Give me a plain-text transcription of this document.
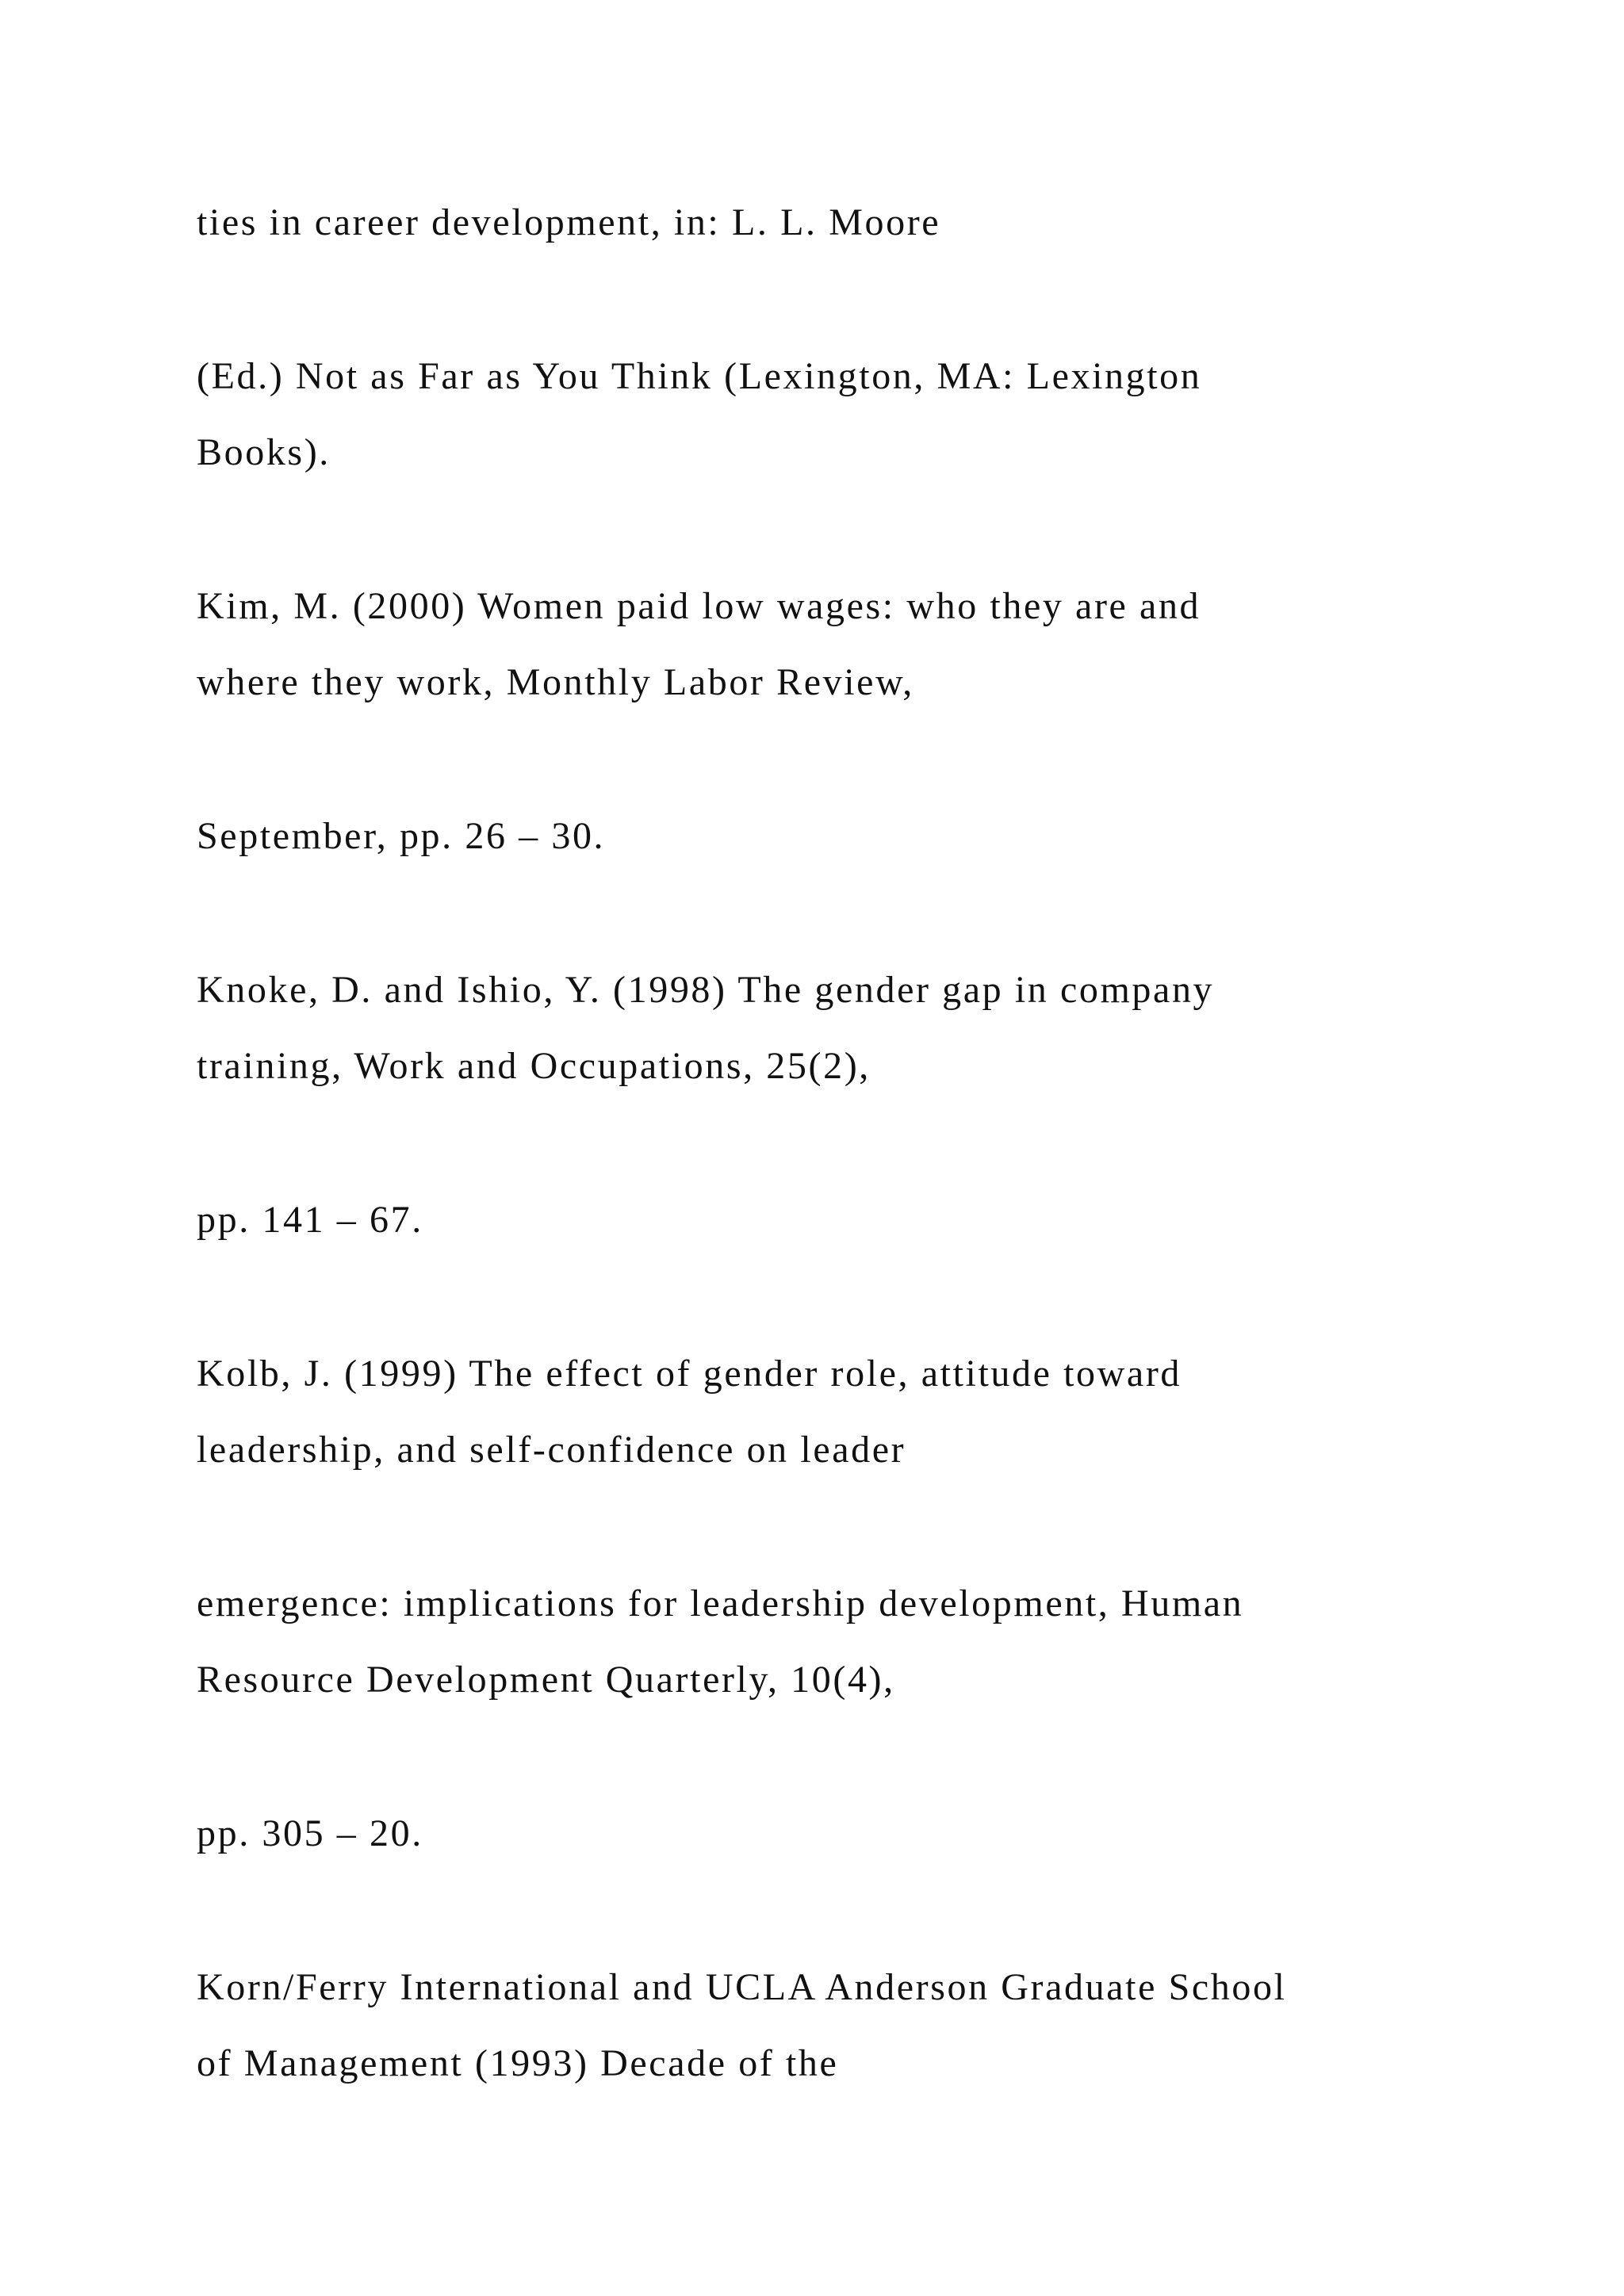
ties in career development, in: L. L. Moore

(Ed.) Not as Far as You Think (Lexington, MA: Lexington

Books).

Kim, M. (2000) Women paid low wages: who they are and

where they work, Monthly Labor Review,

September, pp. 26 – 30.

Knoke, D. and Ishio, Y. (1998) The gender gap in company

training, Work and Occupations, 25(2),

pp. 141 – 67.

Kolb, J. (1999) The effect of gender role, attitude toward

leadership, and self-confidence on leader

emergence: implications for leadership development, Human

Resource Development Quarterly, 10(4),

pp. 305 – 20.

Korn/Ferry International and UCLA Anderson Graduate School

of Management (1993) Decade of the
